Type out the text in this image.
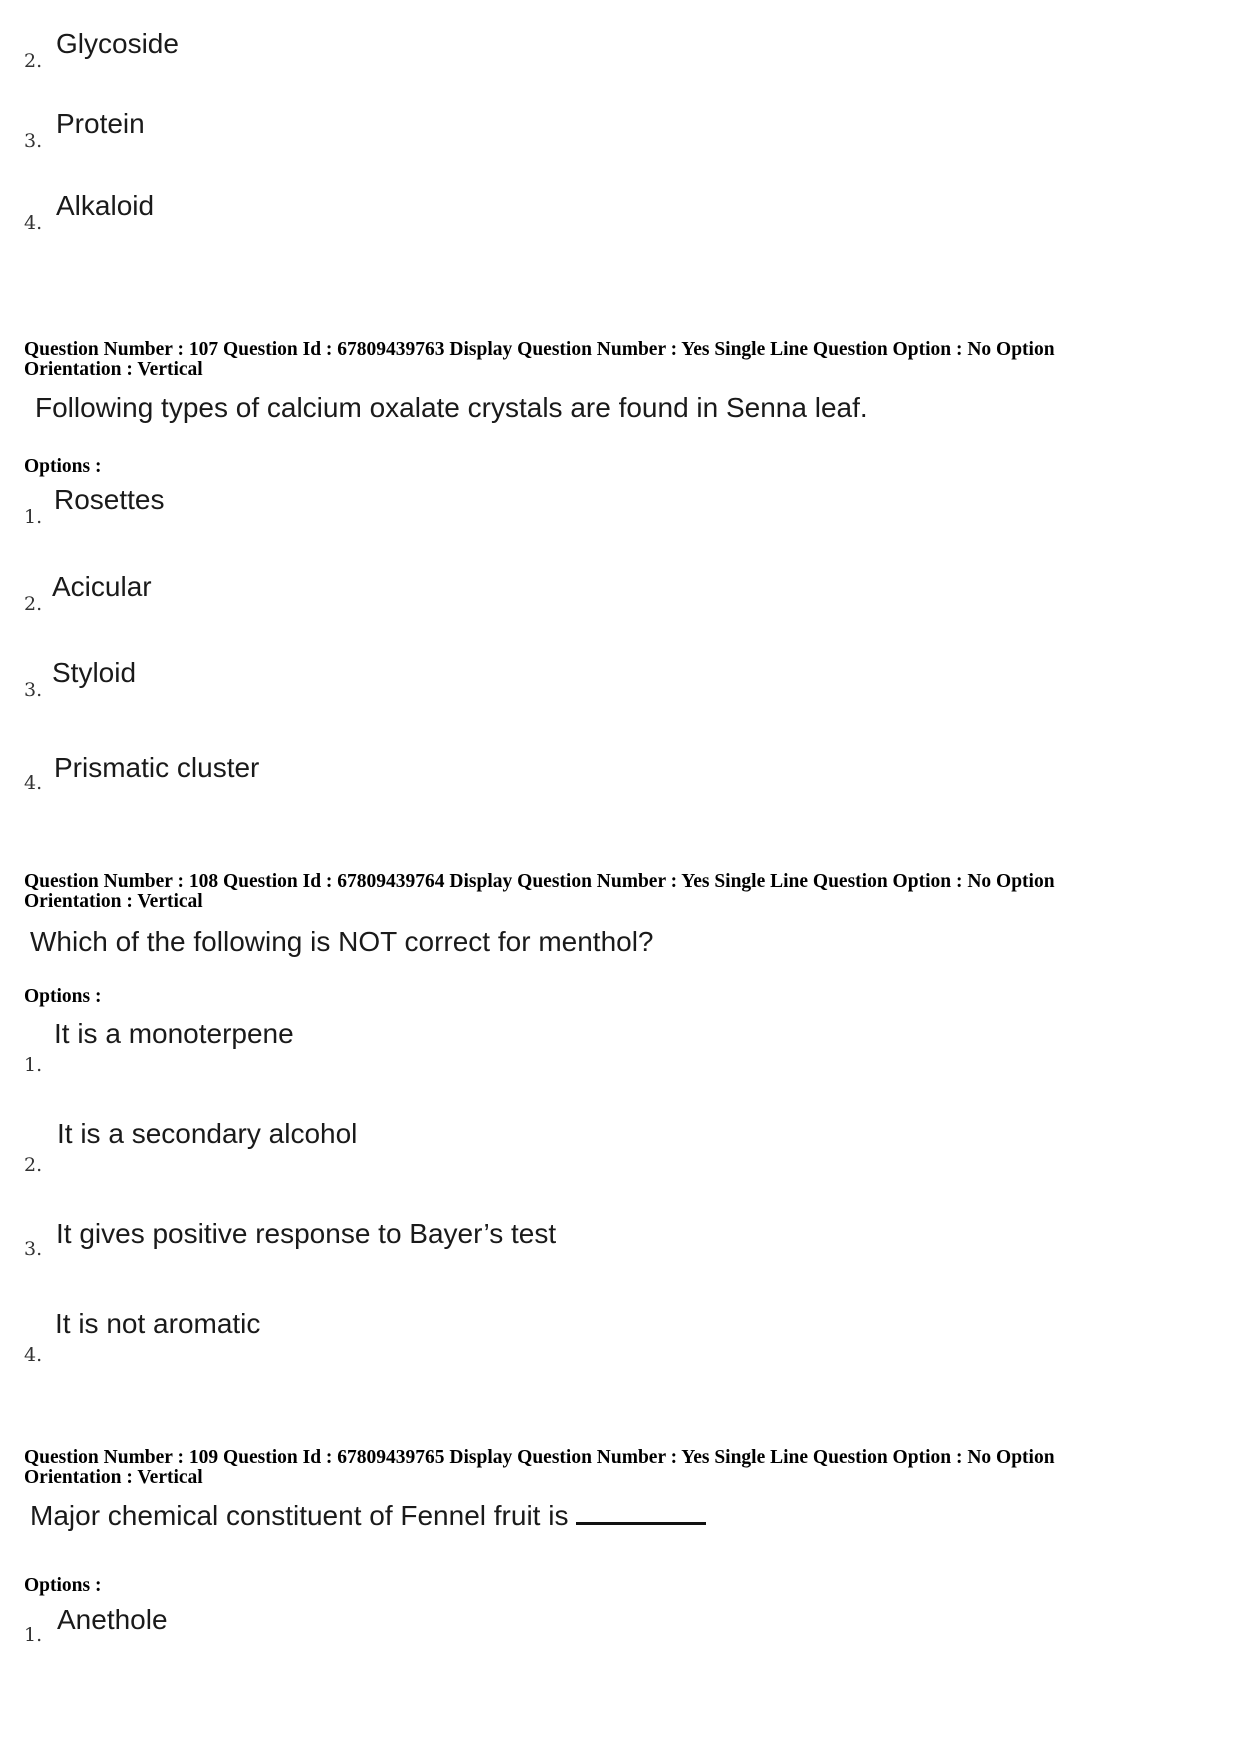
2.
Glycoside
3.
Protein
4.
Alkaloid
Question Number : 107 Question Id : 67809439763 Display Question Number : Yes Single Line Question Option : No Option
Orientation : Vertical
Following types of calcium oxalate crystals are found in Senna leaf.
Options :
1.
Rosettes
2.
Acicular
3.
Styloid
4. Prismatic cluster
Question Number : 108 Question Id : 67809439764 Display Question Number : Yes Single Line Question Option : No Option
Orientation : Vertical
Which of the following is NOT correct for menthol?
Options :
1.
It is a monoterpene
2.
It is a secondary alcohol
3. It gives positive response to Bayer’s test
4.
It is not aromatic
Question Number : 109 Question Id : 67809439765 Display Question Number : Yes Single Line Question Option : No Option
Orientation : Vertical
Major chemical constituent of Fennel fruit is
Options :
1. Anethole
